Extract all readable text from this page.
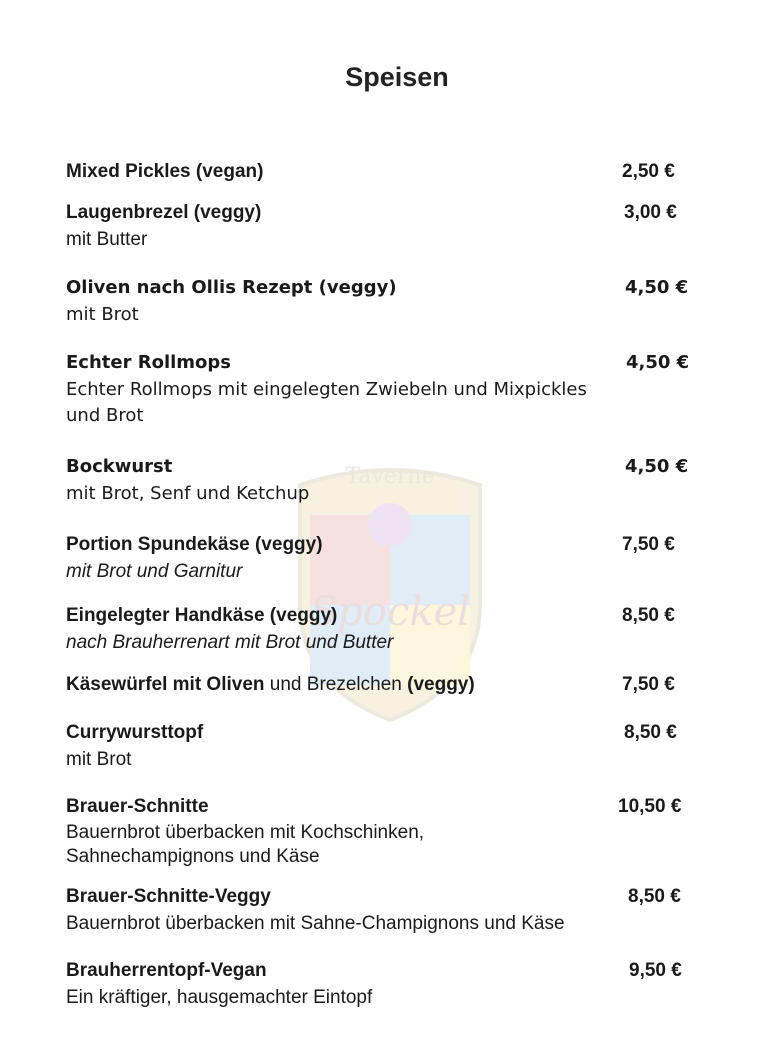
Speisen
Taverne
Spockel
Mixed Pickles (vegan)	2,50 €
Laugenbrezel (veggy)	3,00 €
mit Butter
Oliven nach Ollis Rezept (veggy)	4,50 €
mit Brot
Echter Rollmops	4,50 €
Echter Rollmops mit eingelegten Zwiebeln und Mixpickles und Brot
Bockwurst	4,50 €
mit Brot, Senf und Ketchup
Portion Spundekäse (veggy)	7,50 €
mit Brot und Garnitur
Eingelegter Handkäse (veggy)	8,50 €
nach Brauherrenart mit Brot und Butter
Käsewürfel mit Oliven und Brezelchen (veggy)	7,50 €
Currywursttopf	8,50 €
mit Brot
Brauer-Schnitte	10,50 €
Bauernbrot überbacken mit Kochschinken, Sahnechampignons und Käse
Brauer-Schnitte-Veggy	8,50 €
Bauernbrot überbacken mit Sahne-Champignons und Käse
Brauherrentopf-Vegan	9,50 €
Ein kräftiger, hausgemachter Eintopf
